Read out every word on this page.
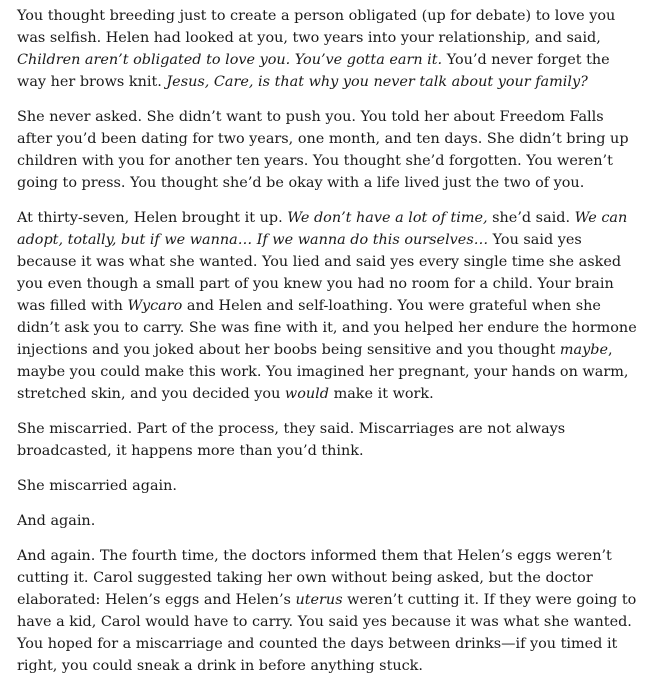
You thought breeding just to create a person obligated (up for debate) to love you was selfish. Helen had looked at you, two years into your relationship, and said, Children aren’t obligated to love you. You’ve gotta earn it. You’d never forget the way her brows knit. Jesus, Care, is that why you never talk about your family?

She never asked. She didn’t want to push you. You told her about Freedom Falls after you’d been dating for two years, one month, and ten days. She didn’t bring up children with you for another ten years. You thought she’d forgotten. You weren’t going to press. You thought she’d be okay with a life lived just the two of you.

At thirty-seven, Helen brought it up. We don’t have a lot of time, she’d said. We can adopt, totally, but if we wanna… If we wanna do this ourselves… You said yes because it was what she wanted. You lied and said yes every single time she asked you even though a small part of you knew you had no room for a child. Your brain was filled with Wycaro and Helen and self-loathing. You were grateful when she didn’t ask you to carry. She was fine with it, and you helped her endure the hormone injections and you joked about her boobs being sensitive and you thought maybe, maybe you could make this work. You imagined her pregnant, your hands on warm, stretched skin, and you decided you would make it work.

She miscarried. Part of the process, they said. Miscarriages are not always broadcasted, it happens more than you’d think.

She miscarried again.

And again.

And again. The fourth time, the doctors informed them that Helen’s eggs weren’t cutting it. Carol suggested taking her own without being asked, but the doctor elaborated: Helen’s eggs and Helen’s uterus weren’t cutting it. If they were going to have a kid, Carol would have to carry. You said yes because it was what she wanted. You hoped for a miscarriage and counted the days between drinks—if you timed it right, you could sneak a drink in before anything stuck.
